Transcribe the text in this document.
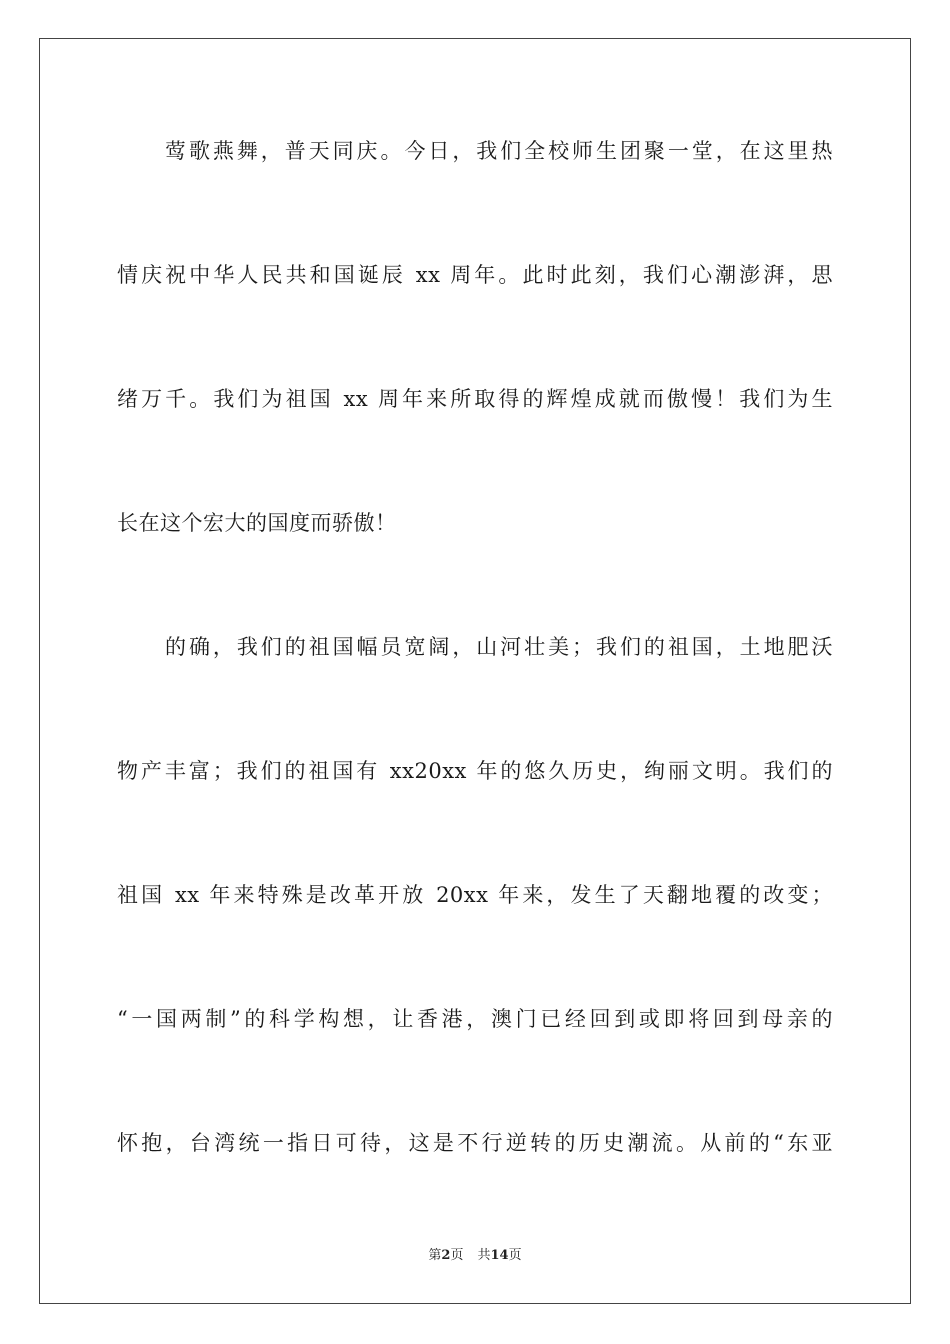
莺歌燕舞，普天同庆。今日，我们全校师生团聚一堂，在这里热
情庆祝中华人民共和国诞辰 xx 周年。此时此刻，我们心潮澎湃，思
绪万千。我们为祖国 xx 周年来所取得的辉煌成就而傲慢！我们为生
长在这个宏大的国度而骄傲！
的确，我们的祖国幅员宽阔，山河壮美；我们的祖国，土地肥沃
物产丰富；我们的祖国有 xx20xx 年的悠久历史，绚丽文明。我们的
祖国 xx 年来特殊是改革开放 20xx 年来，发生了天翻地覆的改变；
“一国两制”的科学构想，让香港，澳门已经回到或即将回到母亲的
怀抱，台湾统一指日可待，这是不行逆转的历史潮流。从前的“东亚
第2页 共14页
